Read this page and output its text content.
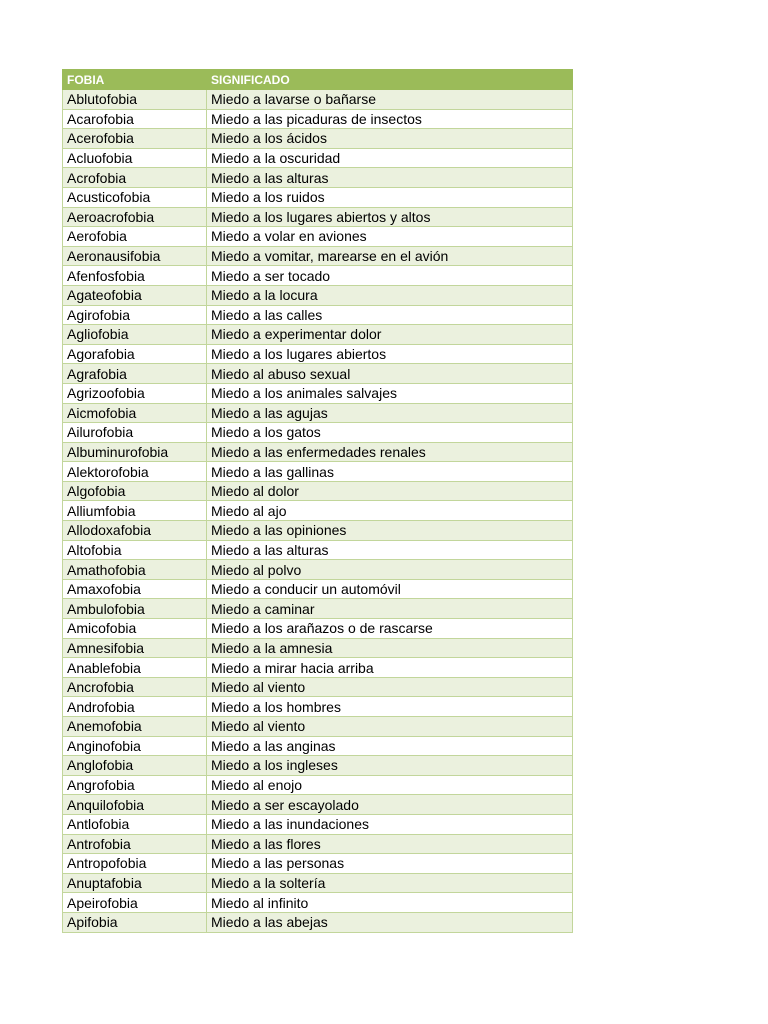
FOBIA	SIGNIFICADO
Ablutofobia	Miedo a lavarse o bañarse
Acarofobia	Miedo a las picaduras de insectos
Acerofobia	Miedo a los ácidos
Acluofobia	Miedo a la oscuridad
Acrofobia	Miedo a las alturas
Acusticofobia	Miedo a los ruidos
Aeroacrofobia	Miedo a los lugares abiertos y altos
Aerofobia	Miedo a volar en aviones
Aeronausifobia	Miedo a vomitar, marearse en el avión
Afenfosfobia	Miedo a ser tocado
Agateofobia	Miedo a la locura
Agirofobia	Miedo a las calles
Agliofobia	Miedo a experimentar dolor
Agorafobia	Miedo a los lugares abiertos
Agrafobia	Miedo al abuso sexual
Agrizoofobia	Miedo a los animales salvajes
Aicmofobia	Miedo a las agujas
Ailurofobia	Miedo a los gatos
Albuminurofobia	Miedo a las enfermedades renales
Alektorofobia	Miedo a las gallinas
Algofobia	Miedo al dolor
Alliumfobia	Miedo al ajo
Allodoxafobia	Miedo a las opiniones
Altofobia	Miedo a las alturas
Amathofobia	Miedo al polvo
Amaxofobia	Miedo a conducir un automóvil
Ambulofobia	Miedo a caminar
Amicofobia	Miedo a los arañazos o de rascarse
Amnesifobia	Miedo a la amnesia
Anablefobia	Miedo a mirar hacia arriba
Ancrofobia	Miedo al viento
Androfobia	Miedo a los hombres
Anemofobia	Miedo al viento
Anginofobia	Miedo a las anginas
Anglofobia	Miedo a los ingleses
Angrofobia	Miedo al enojo
Anquilofobia	Miedo a ser escayolado
Antlofobia	Miedo a las inundaciones
Antrofobia	Miedo a las flores
Antropofobia	Miedo a las personas
Anuptafobia	Miedo a la soltería
Apeirofobia	Miedo al infinito
Apifobia	Miedo a las abejas
